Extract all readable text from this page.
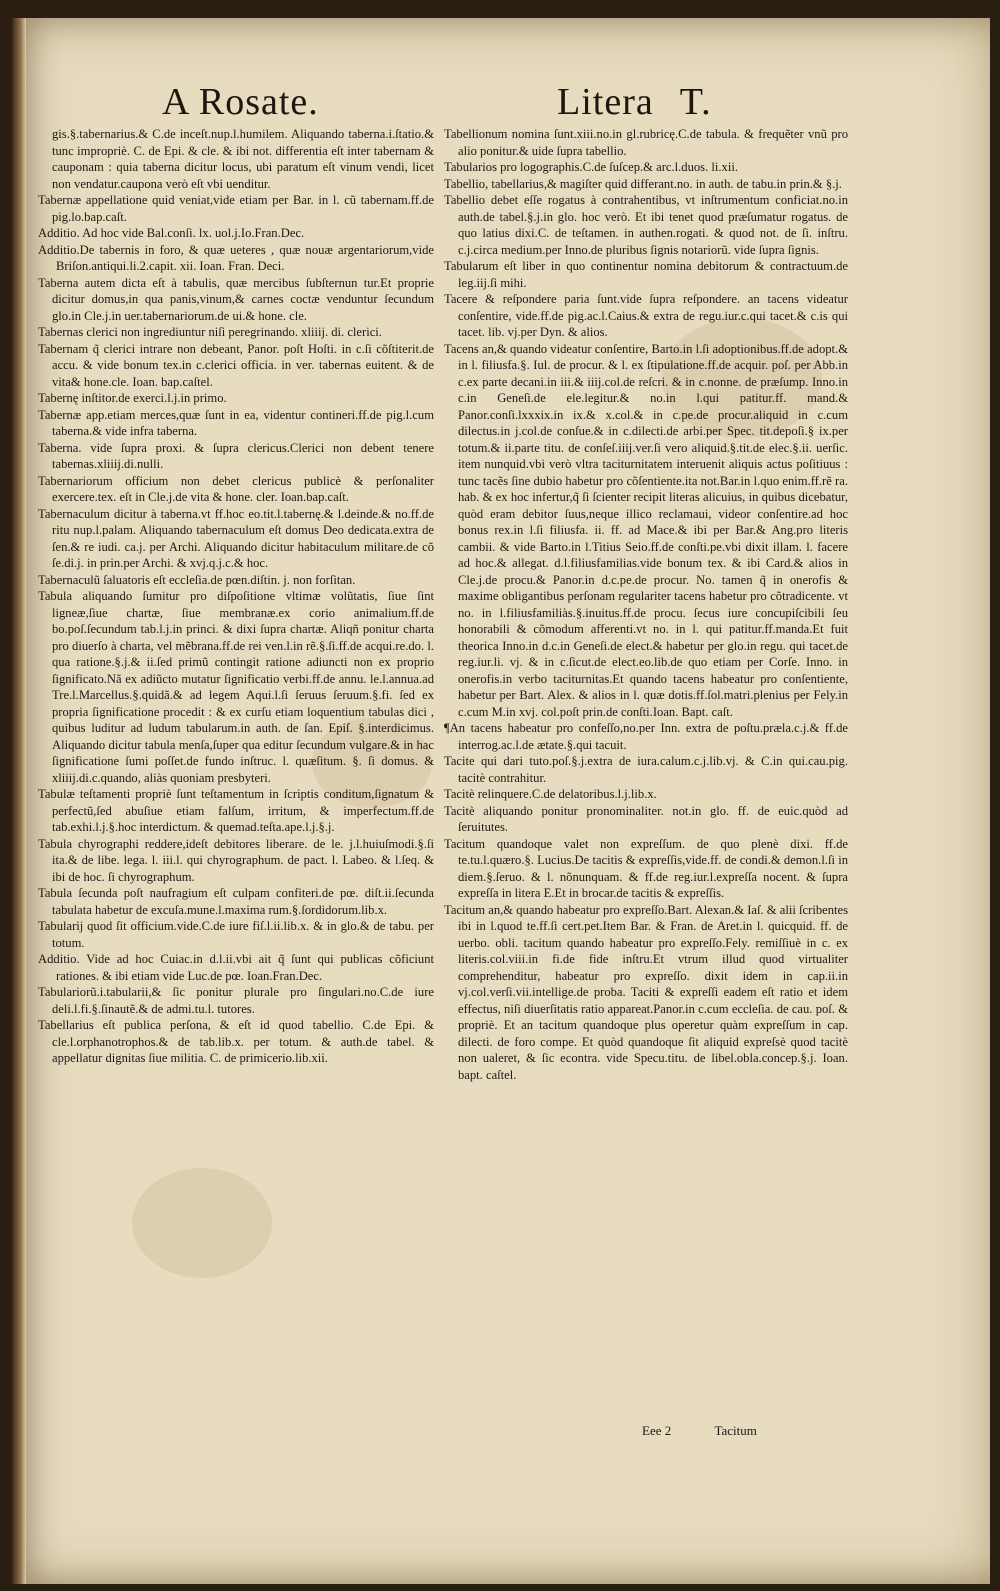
A Rosate.	Litera T.

gis.§.tabernarius.& C.de inceſt.nup.l.humilem. Aliquando taberna.i.ſtatio.& tunc impropriè. C. de Epi. & cle. & ibi not. differentia eſt inter tabernam & cauponam : quia taberna dicitur locus, ubi paratum eſt vinum vendi, licet non vendatur.caupona verò eſt vbi uenditur.

Tabernæ appellatione quid veniat,vide etiam per Bar. in l. cũ tabernam.ff.de pig.lo.bap.caſt.

Additio. Ad hoc vide Bal.conſi. lx. uol.j.Io.Fran.Dec.

Additio.De tabernis in foro, & quæ ueteres , quæ nouæ argentariorum,vide Briſon.antiqui.li.2.capit. xii. Ioan. Fran. Deci.

Taberna autem dicta eſt à tabulis, quæ mercibus ſubſternun tur.Et proprie dicitur domus,in qua panis,vinum,& carnes coctæ venduntur ſecundum glo.in Cle.j.in uer.tabernariorum.de ui.& hone. cle.

Tabernas clerici non ingrediuntur niſi peregrinando. xliiij. di. clerici.

Tabernam q̃ clerici intrare non debeant, Panor. poſt Hoſti. in c.ſi cõſtiterit.de accu. & vide bonum tex.in c.clerici officia. in ver. tabernas euitent. & de vita& hone.cle. Ioan. bap.caſtel.

Tabernę inſtitor.de exerci.l.j.in primo.

Tabernæ app.etiam merces,quæ ſunt in ea, videntur contineri.ff.de pig.l.cum taberna.& vide infra taberna.

Taberna. vide ſupra proxi. & ſupra clericus.Clerici non debent tenere tabernas.xliiij.di.nulli.

Tabernariorum officium non debet clericus publicè & perſonaliter exercere.tex. eſt in Cle.j.de vita & hone. cler. Ioan.bap.caſt.

Tabernaculum dicitur à taberna.vt ff.hoc eo.tit.l.tabernę.& l.deinde.& no.ff.de ritu nup.l.palam. Aliquando tabernaculum eſt domus Deo dedicata.extra de ſen.& re iudi. ca.j. per Archi. Aliquando dicitur habitaculum militare.de cõ ſe.di.j. in prin.per Archi. & xvj.q.j.c.& hoc.

Tabernaculũ ſaluatoris eſt eccleſia.de pœn.diſtin. j. non forſitan.

Tabula aliquando ſumitur pro diſpoſitione vltimæ volũtatis, ſiue ſint ligneæ,ſiue chartæ, ſiue membranæ.ex corio animalium.ff.de bo.poſ.ſecundum tab.l.j.in princi. & dixi ſupra chartæ. Aliqñ ponitur charta pro diuerſo à charta, vel mẽbrana.ff.de rei ven.l.in rẽ.§.ſi.ff.de acqui.re.do. l. qua ratione.§.j.& ii.ſed primũ contingit ratione adiuncti non ex proprio ſignificato.Nã ex adiũcto mutatur ſignificatio verbi.ff.de annu. le.l.annua.ad Tre.l.Marcellus.§.quidã.& ad legem Aqui.l.ſi ſeruus ſeruum.§.fi. ſed ex propria ſignificatione procedit : & ex curſu etiam loquentium tabulas dici , quibus luditur ad ludum tabularum.in auth. de ſan. Epiſ. §.interdicimus. Aliquando dicitur tabula menſa,ſuper qua editur ſecundum vulgare.& in hac ſignificatione ſumi poſſet.de fundo inſtruc. l. quæſitum. §. ſi domus. & xliiij.di.c.quando, aliàs quoniam presbyteri.

Tabulæ teſtamenti propriè ſunt teſtamentum in ſcriptis conditum,ſignatum & perfectũ,ſed abuſiue etiam falſum, irritum, & imperfectum.ff.de tab.exhi.l.j.§.hoc interdictum. & quemad.teſta.ape.l.j.§.j.

Tabula chyrographi reddere,ideſt debitores liberare. de le. j.l.huiuſmodi.§.ſi ita.& de libe. lega. l. iii.l. qui chyrographum. de pact. l. Labeo. & l.ſeq. & ibi de hoc. ſi chyrographum.

Tabula ſecunda poſt naufragium eſt culpam confiteri.de pœ. diſt.ii.ſecunda tabulata habetur de excuſa.mune.l.maxima rum.§.ſordidorum.lib.x.

Tabularij quod ſit officium.vide.C.de iure fiſ.l.ii.lib.x. & in glo.& de tabu. per totum.

Additio. Vide ad hoc Cuiac.in d.l.ii.vbi ait q̃ ſunt qui publicas cõficiunt rationes. & ibi etiam vide Luc.de pœ. Ioan.Fran.Dec.

Tabulariorũ.i.tabularii,& ſic ponitur plurale pro ſingulari.no.C.de iure deli.l.fi.§.ſinautẽ.& de admi.tu.l. tutores.

Tabellarius eſt publica perſona, & eſt id quod tabellio. C.de Epi. & cle.l.orphanotrophos.& de tab.lib.x. per totum. & auth.de tabel. & appellatur dignitas ſiue militia. C. de primicerio.lib.xii.

Tabellionum nomina ſunt.xiii.no.in gl.rubricę.C.de tabula. & frequẽter vnũ pro alio ponitur.& uide ſupra tabellio.

Tabularios pro logographis.C.de ſuſcep.& arc.l.duos. li.xii.

Tabellio, tabellarius,& magiſter quid differant.no. in auth. de tabu.in prin.& §.j.

Tabellio debet eſſe rogatus à contrahentibus, vt inſtrumentum conficiat.no.in auth.de tabel.§.j.in glo. hoc verò. Et ibi tenet quod præſumatur rogatus. de quo latius dixi.C. de teſtamen. in authen.rogati. & quod not. de ſi. inſtru. c.j.circa medium.per Inno.de pluribus ſignis notariorũ. vide ſupra ſignis.

Tabularum eſt liber in quo continentur nomina debitorum & contractuum.de leg.iij.ſi mihi.

Tacere & reſpondere paria ſunt.vide ſupra reſpondere. an tacens videatur conſentire, vide.ff.de pig.ac.l.Caius.& extra de regu.iur.c.qui tacet.& c.is qui tacet. lib. vj.per Dyn. & alios.

Tacens an,& quando videatur conſentire, Barto.in l.ſi adoptionibus.ff.de adopt.& in l. filiusfa.§. Iul. de procur. & l. ex ſtipulatione.ff.de acquir. poſ. per Abb.in c.ex parte decani.in iii.& iiij.col.de reſcri. & in c.nonne. de præſump. Inno.in c.in Geneſi.de ele.legitur.& no.in l.qui patitur.ff. mand.& Panor.conſi.lxxxix.in ix.& x.col.& in c.pe.de procur.aliquid in c.cum dilectus.in j.col.de conſue.& in c.dilecti.de arbi.per Spec. tit.depoſi.§ ix.per totum.& ii.parte titu. de conſeſ.iiij.ver.ſi vero aliquid.§.tit.de elec.§.ii. uerſic. item nunquid.vbi verò vltra taciturnitatem interuenit aliquis actus poſitiuus : tunc tacẽs ſine dubio habetur pro cõſentiente.ita not.Bar.in l.quo enim.ff.rẽ ra. hab. & ex hoc infertur,q̃ ſi ſcienter recipit literas alicuius, in quibus dicebatur, quòd eram debitor ſuus,neque illico reclamaui, videor conſentire.ad hoc bonus rex.in l.ſi filiusfa. ii. ff. ad Mace.& ibi per Bar.& Ang.pro literis cambii. & vide Barto.in l.Titius Seio.ff.de conſti.pe.vbi dixit illam. l. facere ad hoc.& allegat. d.l.filiusfamilias.vide bonum tex. & ibi Card.& alios in Cle.j.de procu.& Panor.in d.c.pe.de procur. No. tamen q̃ in onerofis & maxime obligantibus perſonam regulariter tacens habetur pro cõtradicente. vt no. in l.filiusfamiliàs.§.inuitus.ff.de procu. ſecus iure concupiſcibili ſeu honorabili & cõmodum afferenti.vt no. in l. qui patitur.ff.manda.Et fuit theorica Inno.in d.c.in Geneſi.de elect.& habetur per glo.in regu. qui tacet.de reg.iur.li. vj. & in c.ſicut.de elect.eo.lib.de quo etiam per Corſe. Inno. in onerofis.in verbo taciturnitas.Et quando tacens habeatur pro conſentiente, habetur per Bart. Alex. & alios in l. quæ dotis.ff.ſol.matri.plenius per Fely.in c.cum M.in xvj. col.poſt prin.de conſti.Ioan. Bapt. caſt.

¶An tacens habeatur pro confeſſo,no.per Inn. extra de poſtu.præla.c.j.& ff.de interrog.ac.l.de ætate.§.qui tacuit.

Tacite qui dari tuto.poſ.§.j.extra de iura.calum.c.j.lib.vj. & C.in qui.cau.pig. tacitè contrahitur.

Tacitè relinquere.C.de delatoribus.l.j.lib.x.

Tacitè aliquando ponitur pronominaliter. not.in glo. ff. de euic.quòd ad ſeruitutes.

Tacitum quandoque valet non expreſſum. de quo plenè dixi. ff.de te.tu.l.quæro.§. Lucius.De tacitis & expreſſis,vide.ff. de condi.& demon.l.ſi in diem.§.ſeruo. & l. nõnunquam. & ff.de reg.iur.l.expreſſa nocent. & ſupra expreſſa in litera E.Et in brocar.de tacitis & expreſſis.

Tacitum an,& quando habeatur pro expreſſo.Bart. Alexan.& Iaſ. & alii ſcribentes ibi in l.quod te.ff.ſi cert.pet.Item Bar. & Fran. de Aret.in l. quicquid. ff. de uerbo. obli. tacitum quando habeatur pro expreſſo.Fely. remiſſiuè in c. ex literis.col.viii.in fi.de fide inſtru.Et vtrum illud quod virtualiter comprehenditur, habeatur pro expreſſo. dixit idem in cap.ii.in vj.col.verſi.vii.intellige.de proba. Taciti & expreſſi eadem eſt ratio et idem effectus, niſi diuerſitatis ratio appareat.Panor.in c.cum eccleſia. de cau. poſ. & propriè. Et an tacitum quandoque plus operetur quàm expreſſum in cap. dilecti. de foro compe. Et quòd quandoque ſit aliquid expreſsè quod tacitè non ualeret, & ſic econtra. vide Specu.titu. de libel.obla.concep.§.j. Ioan. bapt. caſtel.

Eee 2	Tacitum
